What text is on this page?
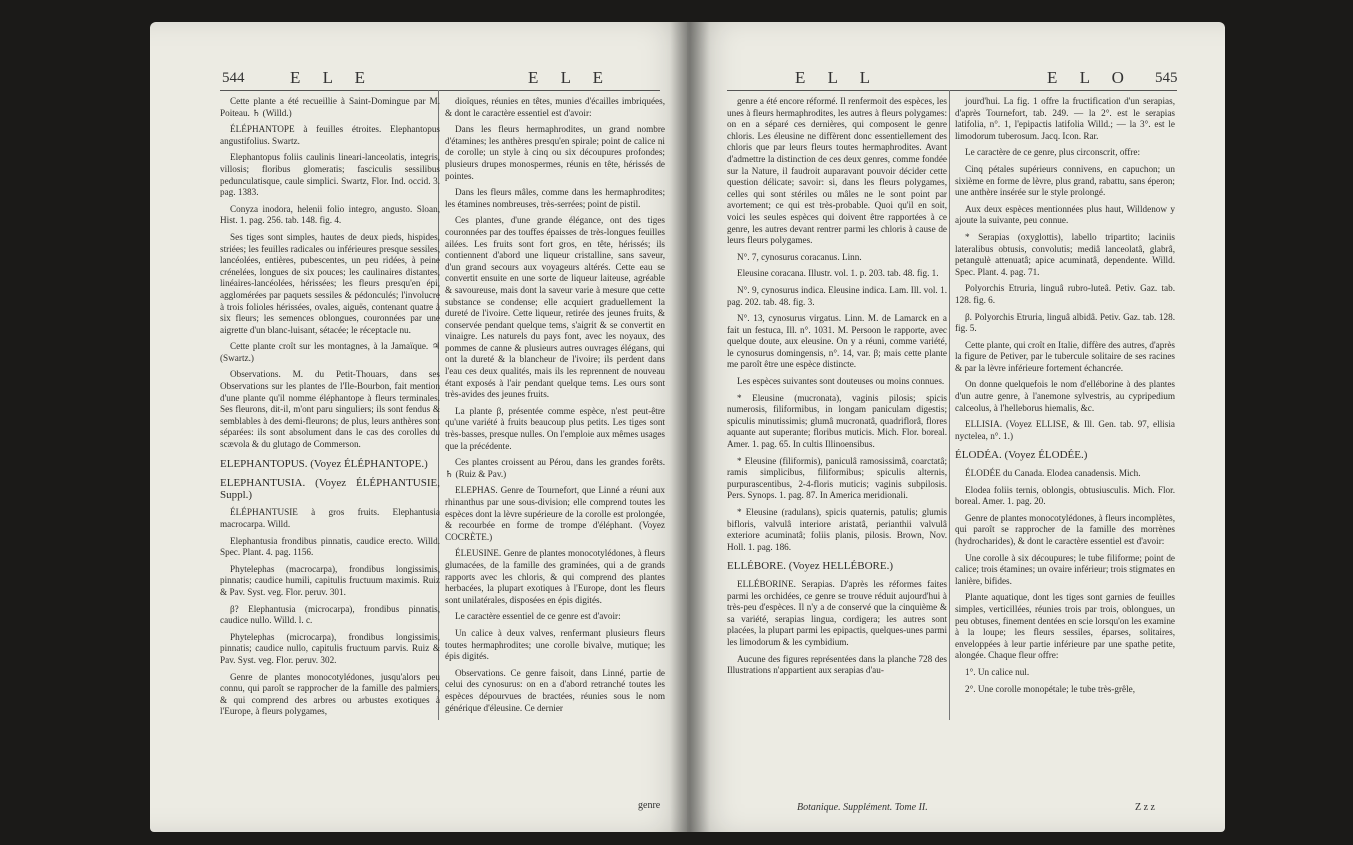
544	E L E	E L E

Cette plante a été recueillie à Saint-Domingue par M. Poiteau. ♄ (Willd.)

ÉLÉPHANTOPE à feuilles étroites. Elephantopus angustifolius. Swartz.

Elephantopus foliis caulinis lineari-lanceolatis, integris, villosis; floribus glomeratis; fasciculis sessilibus pedunculatisque, caule simplici. Swartz, Flor. Ind. occid. 3. pag. 1383.

Conyza inodora, helenii folio integro, angusto. Sloan, Hist. 1. pag. 256. tab. 148. fig. 4.

Ses tiges sont simples, hautes de deux pieds, hispides, striées; les feuilles radicales ou inférieures presque sessiles, lancéolées, entières, pubescentes, un peu ridées, à peine crénelées, longues de six pouces; les caulinaires distantes, linéaires-lancéolées, hérissées; les fleurs presqu'en épi, agglomérées par paquets sessiles & pédonculés; l'involucre à trois folioles hérissées, ovales, aiguës, contenant quatre à six fleurs; les semences oblongues, couronnées par une aigrette d'un blanc-luisant, sétacée; le réceptacle nu.

Cette plante croît sur les montagnes, à la Jamaïque. ♃ (Swartz.)

Observations. M. du Petit-Thouars, dans ses Observations sur les plantes de l'Ile-Bourbon, fait mention d'une plante qu'il nomme éléphantope à fleurs terminales. Ses fleurons, dit-il, m'ont paru singuliers; ils sont fendus & semblables à des demi-fleurons; de plus, leurs anthères sont séparées: ils sont absolument dans le cas des corolles du scævola & du glutago de Commerson.

ELEPHANTOPUS. (Voyez ÉLÉPHANTOPE.)

ELEPHANTUSIA. (Voyez ÉLÉPHANTUSIE, Suppl.)

ÉLÉPHANTUSIE à gros fruits. Elephantusia macrocarpa. Willd.

Elephantusia frondibus pinnatis, caudice erecto. Willd. Spec. Plant. 4. pag. 1156.

Phytelephas (macrocarpa), frondibus longissimis, pinnatis; caudice humili, capitulis fructuum maximis. Ruiz & Pav. Syst. veg. Flor. peruv. 301.

β? Elephantusia (microcarpa), frondibus pinnatis, caudice nullo. Willd. l. c.

Phytelephas (microcarpa), frondibus longissimis, pinnatis; caudice nullo, capitulis fructuum parvis. Ruiz & Pav. Syst. veg. Flor. peruv. 302.

Genre de plantes monocotylédones, jusqu'alors peu connu, qui paroît se rapprocher de la famille des palmiers, & qui comprend des arbres ou arbustes exotiques à l'Europe, à fleurs polygames,

dioïques, réunies en têtes, munies d'écailles imbriquées, & dont le caractère essentiel est d'avoir:

Dans les fleurs hermaphrodites, un grand nombre d'étamines; les anthères presqu'en spirale; point de calice ni de corolle; un style à cinq ou six découpures profondes; plusieurs drupes monospermes, réunis en tête, hérissés de pointes.

Dans les fleurs mâles, comme dans les hermaphrodites; les étamines nombreuses, très-serrées; point de pistil.

Ces plantes, d'une grande élégance, ont des tiges couronnées par des touffes épaisses de très-longues feuilles ailées. Les fruits sont fort gros, en tête, hérissés; ils contiennent d'abord une liqueur cristalline, sans saveur, d'un grand secours aux voyageurs altérés. Cette eau se convertit ensuite en une sorte de liqueur laiteuse, agréable & savoureuse, mais dont la saveur varie à mesure que cette substance se condense; elle acquiert graduellement la dureté de l'ivoire. Cette liqueur, retirée des jeunes fruits, & conservée pendant quelque tems, s'aigrit & se convertit en vinaigre. Les naturels du pays font, avec les noyaux, des pommes de canne & plusieurs autres ouvrages élégans, qui ont la dureté & la blancheur de l'ivoire; ils perdent dans l'eau ces deux qualités, mais ils les reprennent de nouveau étant exposés à l'air pendant quelque tems. Les ours sont très-avides des jeunes fruits.

La plante β, présentée comme espèce, n'est peut-être qu'une variété à fruits beaucoup plus petits. Les tiges sont très-basses, presque nulles. On l'emploie aux mêmes usages que la précédente.

Ces plantes croissent au Pérou, dans les grandes forêts. ♄ (Ruiz & Pav.)

ELEPHAS. Genre de Tournefort, que Linné a réuni aux rhinanthus par une sous-division; elle comprend toutes les espèces dont la lèvre supérieure de la corolle est prolongée, & recourbée en forme de trompe d'éléphant. (Voyez COCRÈTE.)

ÉLEUSINE. Genre de plantes monocotylédones, à fleurs glumacées, de la famille des graminées, qui a de grands rapports avec les chloris, & qui comprend des plantes herbacées, la plupart exotiques à l'Europe, dont les fleurs sont unilatérales, disposées en épis digités.

Le caractère essentiel de ce genre est d'avoir:

Un calice à deux valves, renfermant plusieurs fleurs toutes hermaphrodites; une corolle bivalve, mutique; les épis digités.

Observations. Ce genre faisoit, dans Linné, partie de celui des cynosurus: on en a d'abord retranché toutes les espèces dépourvues de bractées, réunies sous le nom générique d'éleusine. Ce dernier

genre
545
E L L	E L O

genre a été encore réformé. Il renfermoit des espèces, les unes à fleurs hermaphrodites, les autres à fleurs polygames: on en a séparé ces dernières, qui composent le genre chloris. Les éleusine ne diffèrent donc essentiellement des chloris que par leurs fleurs toutes hermaphrodites. Avant d'admettre la distinction de ces deux genres, comme fondée sur la Nature, il faudroit auparavant pouvoir décider cette question délicate; savoir: si, dans les fleurs polygames, celles qui sont stériles ou mâles ne le sont point par avortement; ce qui est très-probable. Quoi qu'il en soit, voici les seules espèces qui doivent être rapportées à ce genre, les autres devant rentrer parmi les chloris à cause de leurs fleurs polygames.

N°. 7, cynosurus coracanus. Linn.

Eleusine coracana. Illustr. vol. 1. p. 203. tab. 48. fig. 1.

N°. 9, cynosurus indica. Eleusine indica. Lam. Ill. vol. 1. pag. 202. tab. 48. fig. 3.

N°. 13, cynosurus virgatus. Linn. M. de Lamarck en a fait un festuca, Ill. n°. 1031. M. Persoon le rapporte, avec quelque doute, aux eleusine. On y a réuni, comme variété, le cynosurus domingensis, n°. 14, var. β; mais cette plante me paroît être une espèce distincte.

Les espèces suivantes sont douteuses ou moins connues.

* Eleusine (mucronata), vaginis pilosis; spicis numerosis, filiformibus, in longam paniculam digestis; spiculis minutissimis; glumâ mucronatâ, quadriflorâ, flores aquante aut superante; floribus muticis. Mich. Flor. boreal. Amer. 1. pag. 65. In cultis Illinoensibus.

* Eleusine (filiformis), paniculâ ramosissimâ, coarctatâ; ramis simplicibus, filiformibus; spiculis alternis, purpurascentibus, 2-4-floris muticis; vaginis subpilosis. Pers. Synops. 1. pag. 87. In America meridionali.

* Eleusine (radulans), spicis quaternis, patulis; glumis bifloris, valvulâ interiore aristatâ, perianthii valvulâ exteriore acuminatâ; foliis planis, pilosis. Brown, Nov. Holl. 1. pag. 186.

ELLÉBORE. (Voyez HELLÉBORE.)

ELLÉBORINE. Serapias. D'après les réformes faites parmi les orchidées, ce genre se trouve réduit aujourd'hui à très-peu d'espèces. Il n'y a de conservé que la cinquième & sa variété, serapias lingua, cordigera; les autres sont placées, la plupart parmi les epipactis, quelques-unes parmi les limodorum & les cymbidium.

Aucune des figures représentées dans la planche 728 des Illustrations n'appartient aux serapias d'au-

jourd'hui. La fig. 1 offre la fructification d'un serapias, d'après Tournefort, tab. 249. — la 2°. est le serapias latifolia, n°. 1, l'epipactis latifolia Willd.; — la 3°. est le limodorum tuberosum. Jacq. Icon. Rar.

Le caractère de ce genre, plus circonscrit, offre:

Cinq pétales supérieurs connivens, en capuchon; un sixième en forme de lèvre, plus grand, rabattu, sans éperon; une anthère insérée sur le style prolongé.

Aux deux espèces mentionnées plus haut, Willdenow y ajoute la suivante, peu connue.

* Serapias (oxyglottis), labello tripartito; laciniis lateralibus obtusis, convolutis; mediâ lanceolatâ, glabrâ, petangulè attenuatâ; apice acuminatâ, dependente. Willd. Spec. Plant. 4. pag. 71.

Polyorchis Etruria, linguâ rubro-luteâ. Petiv. Gaz. tab. 128. fig. 6.

β. Polyorchis Etruria, linguâ albidâ. Petiv. Gaz. tab. 128. fig. 5.

Cette plante, qui croît en Italie, diffère des autres, d'après la figure de Petiver, par le tubercule solitaire de ses racines & par la lèvre inférieure fortement échancrée.

On donne quelquefois le nom d'elléborine à des plantes d'un autre genre, à l'anemone sylvestris, au cypripedium calceolus, à l'helleborus hiemalis, &c.

ELLISIA. (Voyez ELLISE, & Ill. Gen. tab. 97, ellisia nyctelea, n°. 1.)

ÉLODÉA. (Voyez ÉLODÉE.)

ÉLODÉE du Canada. Elodea canadensis. Mich.

Elodea foliis ternis, oblongis, obtusiusculis. Mich. Flor. boreal. Amer. 1. pag. 20.

Genre de plantes monocotylédones, à fleurs incomplètes, qui paroît se rapprocher de la famille des morrènes (hydrocharides), & dont le caractère essentiel est d'avoir:

Une corolle à six découpures; le tube filiforme; point de calice; trois étamines; un ovaire inférieur; trois stigmates en lanière, bifides.

Plante aquatique, dont les tiges sont garnies de feuilles simples, verticillées, réunies trois par trois, oblongues, un peu obtuses, finement dentées en scie lorsqu'on les examine à la loupe; les fleurs sessiles, éparses, solitaires, enveloppées à leur partie inférieure par une spathe petite, alongée. Chaque fleur offre:

1°. Un calice nul.

2°. Une corolle monopétale; le tube très-grêle,

Botanique. Supplément. Tome II.	Z z z
